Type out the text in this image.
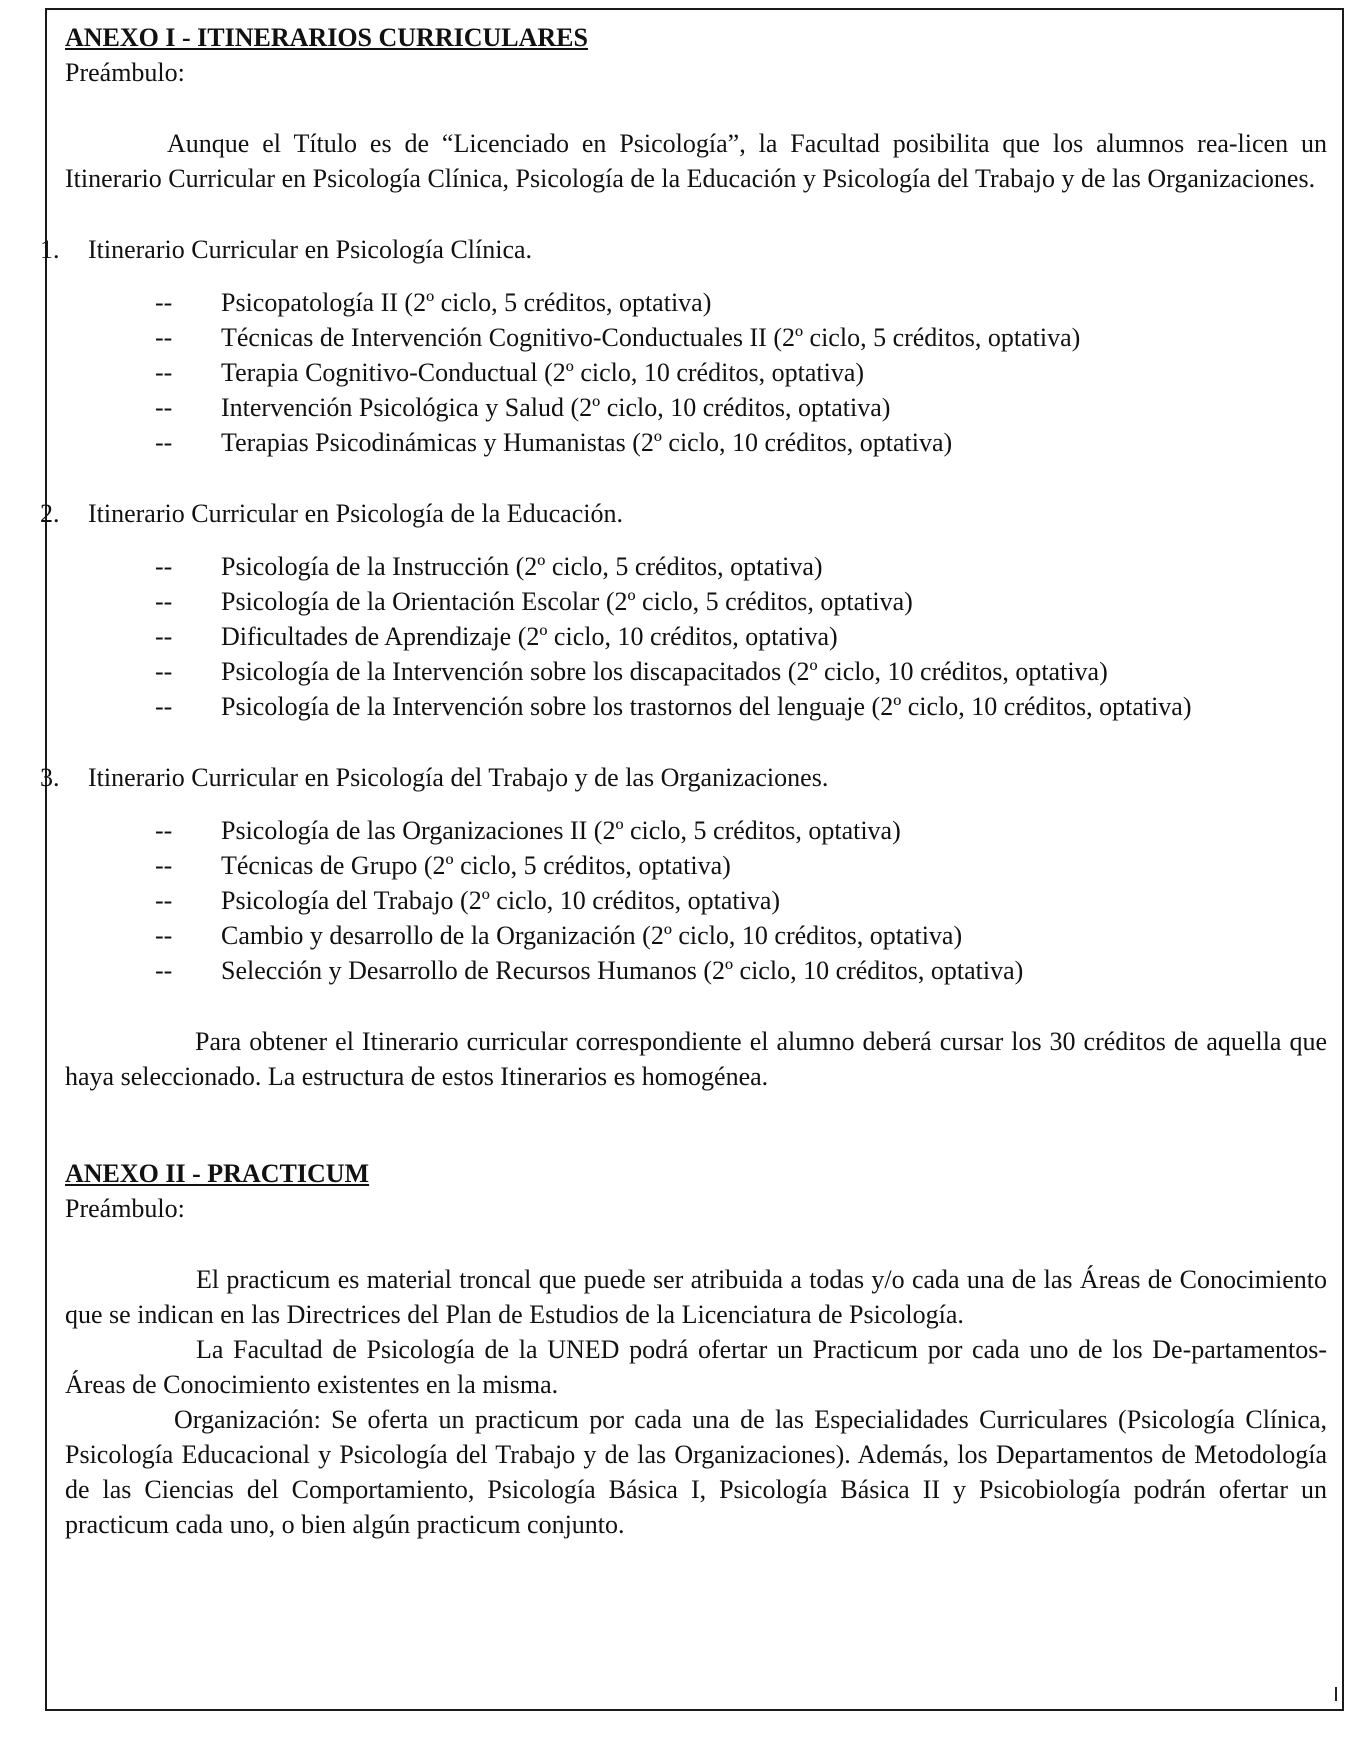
ANEXO I - ITINERARIOS CURRICULARES

Preámbulo:

Aunque el Título es de “Licenciado en Psicología”, la Facultad posibilita que los alumnos rea-licen un Itinerario Curricular en Psicología Clínica, Psicología de la Educación y Psicología del Trabajo y de las Organizaciones.

1.	Itinerario Curricular en Psicología Clínica.
--	Psicopatología II (2º ciclo, 5 créditos, optativa)
--	Técnicas de Intervención Cognitivo-Conductuales II (2º ciclo, 5 créditos, optativa)
--	Terapia Cognitivo-Conductual (2º ciclo, 10 créditos, optativa)
--	Intervención Psicológica y Salud (2º ciclo, 10 créditos, optativa)
--	Terapias Psicodinámicas y Humanistas (2º ciclo, 10 créditos, optativa)
2.	Itinerario Curricular en Psicología de la Educación.
--	Psicología de la Instrucción (2º ciclo, 5 créditos, optativa)
--	Psicología de la Orientación Escolar (2º ciclo, 5 créditos, optativa)
--	Dificultades de Aprendizaje (2º ciclo, 10 créditos, optativa)
--	Psicología de la Intervención sobre los discapacitados (2º ciclo, 10 créditos, optativa)
--	Psicología de la Intervención sobre los trastornos del lenguaje (2º ciclo, 10 créditos, optativa)
3.	Itinerario Curricular en Psicología del Trabajo y de las Organizaciones.
--	Psicología de las Organizaciones II (2º ciclo, 5 créditos, optativa)
--	Técnicas de Grupo (2º ciclo, 5 créditos, optativa)
--	Psicología del Trabajo (2º ciclo, 10 créditos, optativa)
--	Cambio y desarrollo de la Organización (2º ciclo, 10 créditos, optativa)
--	Selección y Desarrollo de Recursos Humanos (2º ciclo, 10 créditos, optativa)

Para obtener el Itinerario curricular correspondiente el alumno deberá cursar los 30 créditos de aquella que haya seleccionado. La estructura de estos Itinerarios es homogénea.

ANEXO II - PRACTICUM

Preámbulo:

El practicum es material troncal que puede ser atribuida a todas y/o cada una de las Áreas de Conocimiento que se indican en las Directrices del Plan de Estudios de la Licenciatura de Psicología.

La Facultad de Psicología de la UNED podrá ofertar un Practicum por cada uno de los De-partamentos-Áreas de Conocimiento existentes en la misma.

Organización: Se oferta un practicum por cada una de las Especialidades Curriculares (Psicología Clínica, Psicología Educacional y Psicología del Trabajo y de las Organizaciones). Además, los Departamentos de Metodología de las Ciencias del Comportamiento, Psicología Básica I, Psicología Básica II y Psicobiología podrán ofertar un practicum cada uno, o bien algún practicum conjunto.
